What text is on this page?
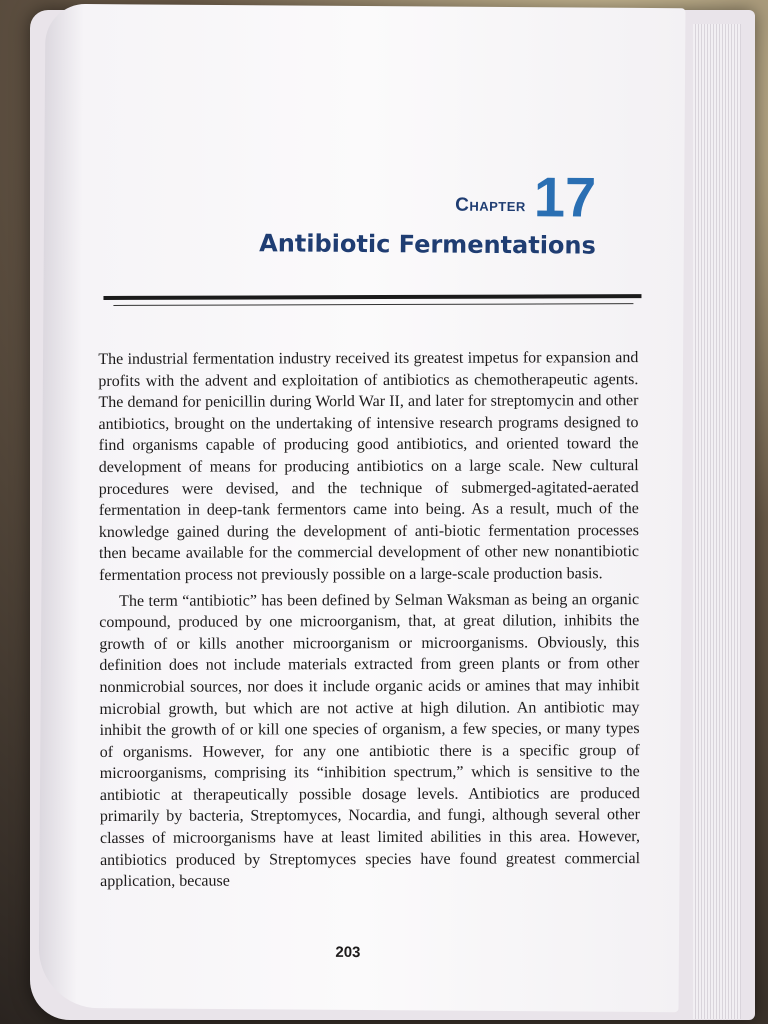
Chapter 17
Antibiotic Fermentations

The industrial fermentation industry received its greatest impetus for expansion and profits with the advent and exploitation of antibiotics as chemotherapeutic agents. The demand for penicillin during World War II, and later for streptomycin and other antibiotics, brought on the undertaking of intensive research programs designed to find organisms capable of producing good antibiotics, and oriented toward the development of means for producing antibiotics on a large scale. New cultural procedures were devised, and the technique of submerged-agitated-aerated fermentation in deep-tank fermentors came into being. As a result, much of the knowledge gained during the development of anti-biotic fermentation processes then became available for the commercial development of other new nonantibiotic fermentation process not previously possible on a large-scale production basis.

The term “antibiotic” has been defined by Selman Waksman as being an organic compound, produced by one microorganism, that, at great dilution, inhibits the growth of or kills another microorganism or microorganisms. Obviously, this definition does not include materials extracted from green plants or from other nonmicrobial sources, nor does it include organic acids or amines that may inhibit microbial growth, but which are not active at high dilution. An antibiotic may inhibit the growth of or kill one species of organism, a few species, or many types of organisms. However, for any one antibiotic there is a specific group of microorganisms, comprising its “inhibition spectrum,” which is sensitive to the antibiotic at therapeutically possible dosage levels. Antibiotics are produced primarily by bacteria, Streptomyces, Nocardia, and fungi, although several other classes of microorganisms have at least limited abilities in this area. However, antibiotics produced by Streptomyces species have found greatest commercial application, because

203
